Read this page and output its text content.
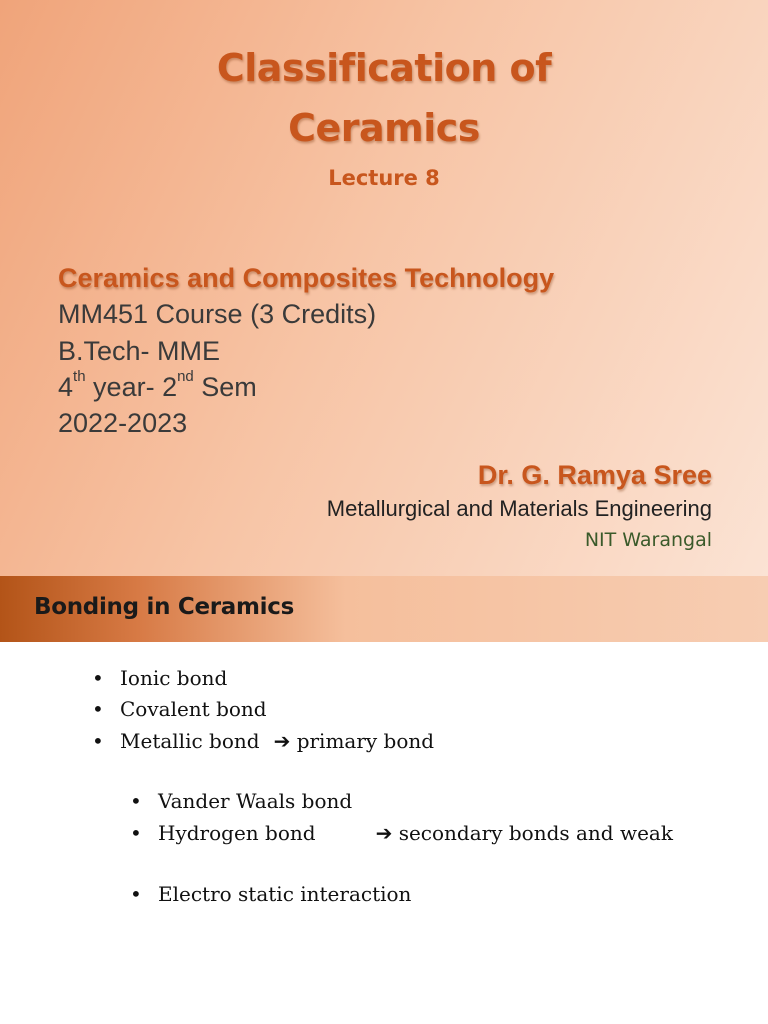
Classification of
Ceramics
Lecture 8
Ceramics and Composites Technology
MM451 Course (3 Credits)
B.Tech- MME
4th year- 2nd Sem
2022-2023
Dr. G. Ramya Sree
Metallurgical and Materials Engineering
NIT Warangal
Bonding in Ceramics
• Ionic bond
• Covalent bond
• Metallic bond ➔ primary bond
• Vander Waals bond
• Hydrogen bond	➔ secondary bonds and weak
• Electro static interaction
